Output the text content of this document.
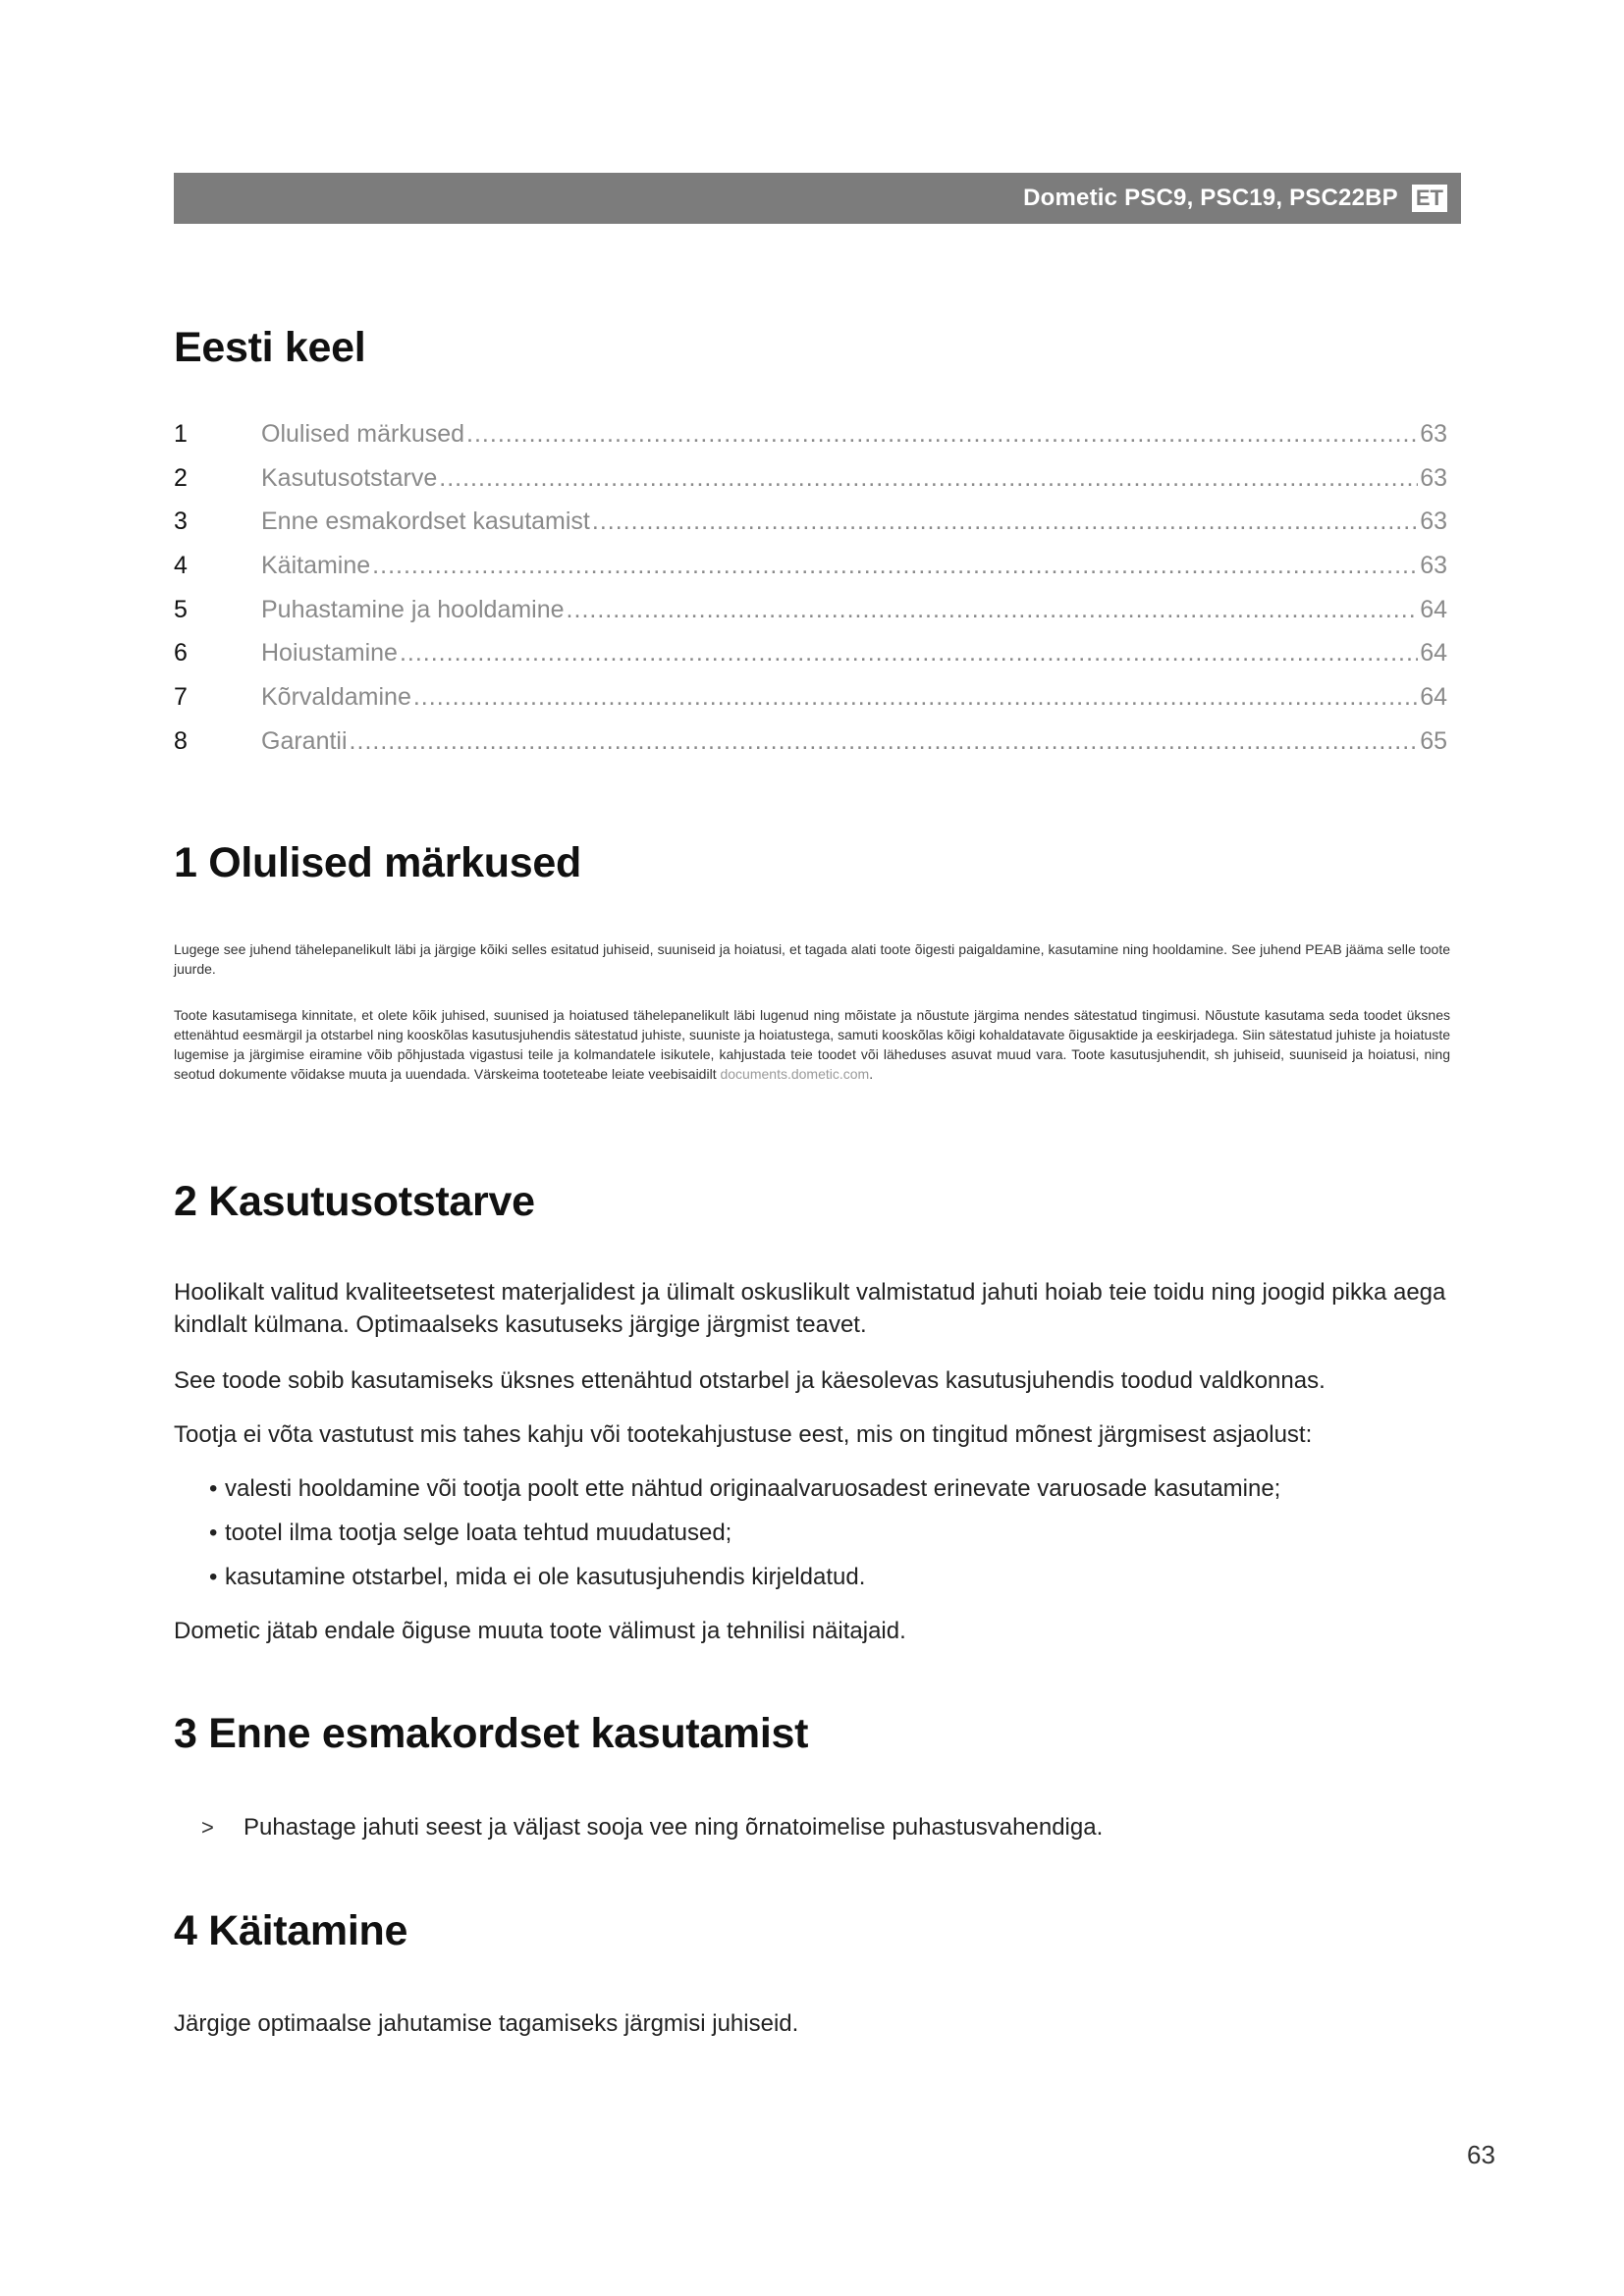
Dometic PSC9, PSC19, PSC22BP ET
Eesti keel
1	Olulised märkused .....	63
2	Kasutusotstarve .....	63
3	Enne esmakordset kasutamist .....	63
4	Käitamine .....	63
5	Puhastamine ja hooldamine .....	64
6	Hoiustamine .....	64
7	Kõrvaldamine .....	64
8	Garantii .....	65
1 Olulised märkused

Lugege see juhend tähelepanelikult läbi ja järgige kõiki selles esitatud juhiseid, suuniseid ja hoiatusi, et tagada alati toote õigesti paigaldamine, kasutamine ning hooldamine. See juhend PEAB jääma selle toote juurde.

Toote kasutamisega kinnitate, et olete kõik juhised, suunised ja hoiatused tähelepanelikult läbi lugenud ning mõistate ja nõustute järgima nendes sätestatud tingimusi. Nõustute kasutama seda toodet üksnes ettenähtud eesmärgil ja otstarbel ning kooskõlas kasutusjuhendis sätestatud juhiste, suuniste ja hoiatustega, samuti kooskõlas kõigi kohaldatavate õigusaktide ja eeskirjadega. Siin sätestatud juhiste ja hoiatuste lugemise ja järgimise eiramine võib põhjustada vigastusi teile ja kolmandatele isikutele, kahjustada teie toodet või läheduses asuvat muud vara. Toote kasutusjuhendit, sh juhiseid, suuniseid ja hoiatusi, ning seotud dokumente võidakse muuta ja uuendada. Värskeima tooteteabe leiate veebisaidilt documents.dometic.com.

2 Kasutusotstarve

Hoolikalt valitud kvaliteetsetest materjalidest ja ülimalt oskuslikult valmistatud jahuti hoiab teie toidu ning joogid pikka aega kindlalt külmana. Optimaalseks kasutuseks järgige järgmist teavet.

See toode sobib kasutamiseks üksnes ettenähtud otstarbel ja käesolevas kasutusjuhendis toodud valdkonnas.

Tootja ei võta vastutust mis tahes kahju või tootekahjustuse eest, mis on tingitud mõnest järgmisest asjaolust:

• valesti hooldamine või tootja poolt ette nähtud originaalvaruosadest erinevate varuosade kasutamine;

• tootel ilma tootja selge loata tehtud muudatused;

• kasutamine otstarbel, mida ei ole kasutusjuhendis kirjeldatud.

Dometic jätab endale õiguse muuta toote välimust ja tehnilisi näitajaid.

3 Enne esmakordset kasutamist

> Puhastage jahuti seest ja väljast sooja vee ning õrnatoimelise puhastusvahendiga.

4 Käitamine

Järgige optimaalse jahutamise tagamiseks järgmisi juhiseid.

63
